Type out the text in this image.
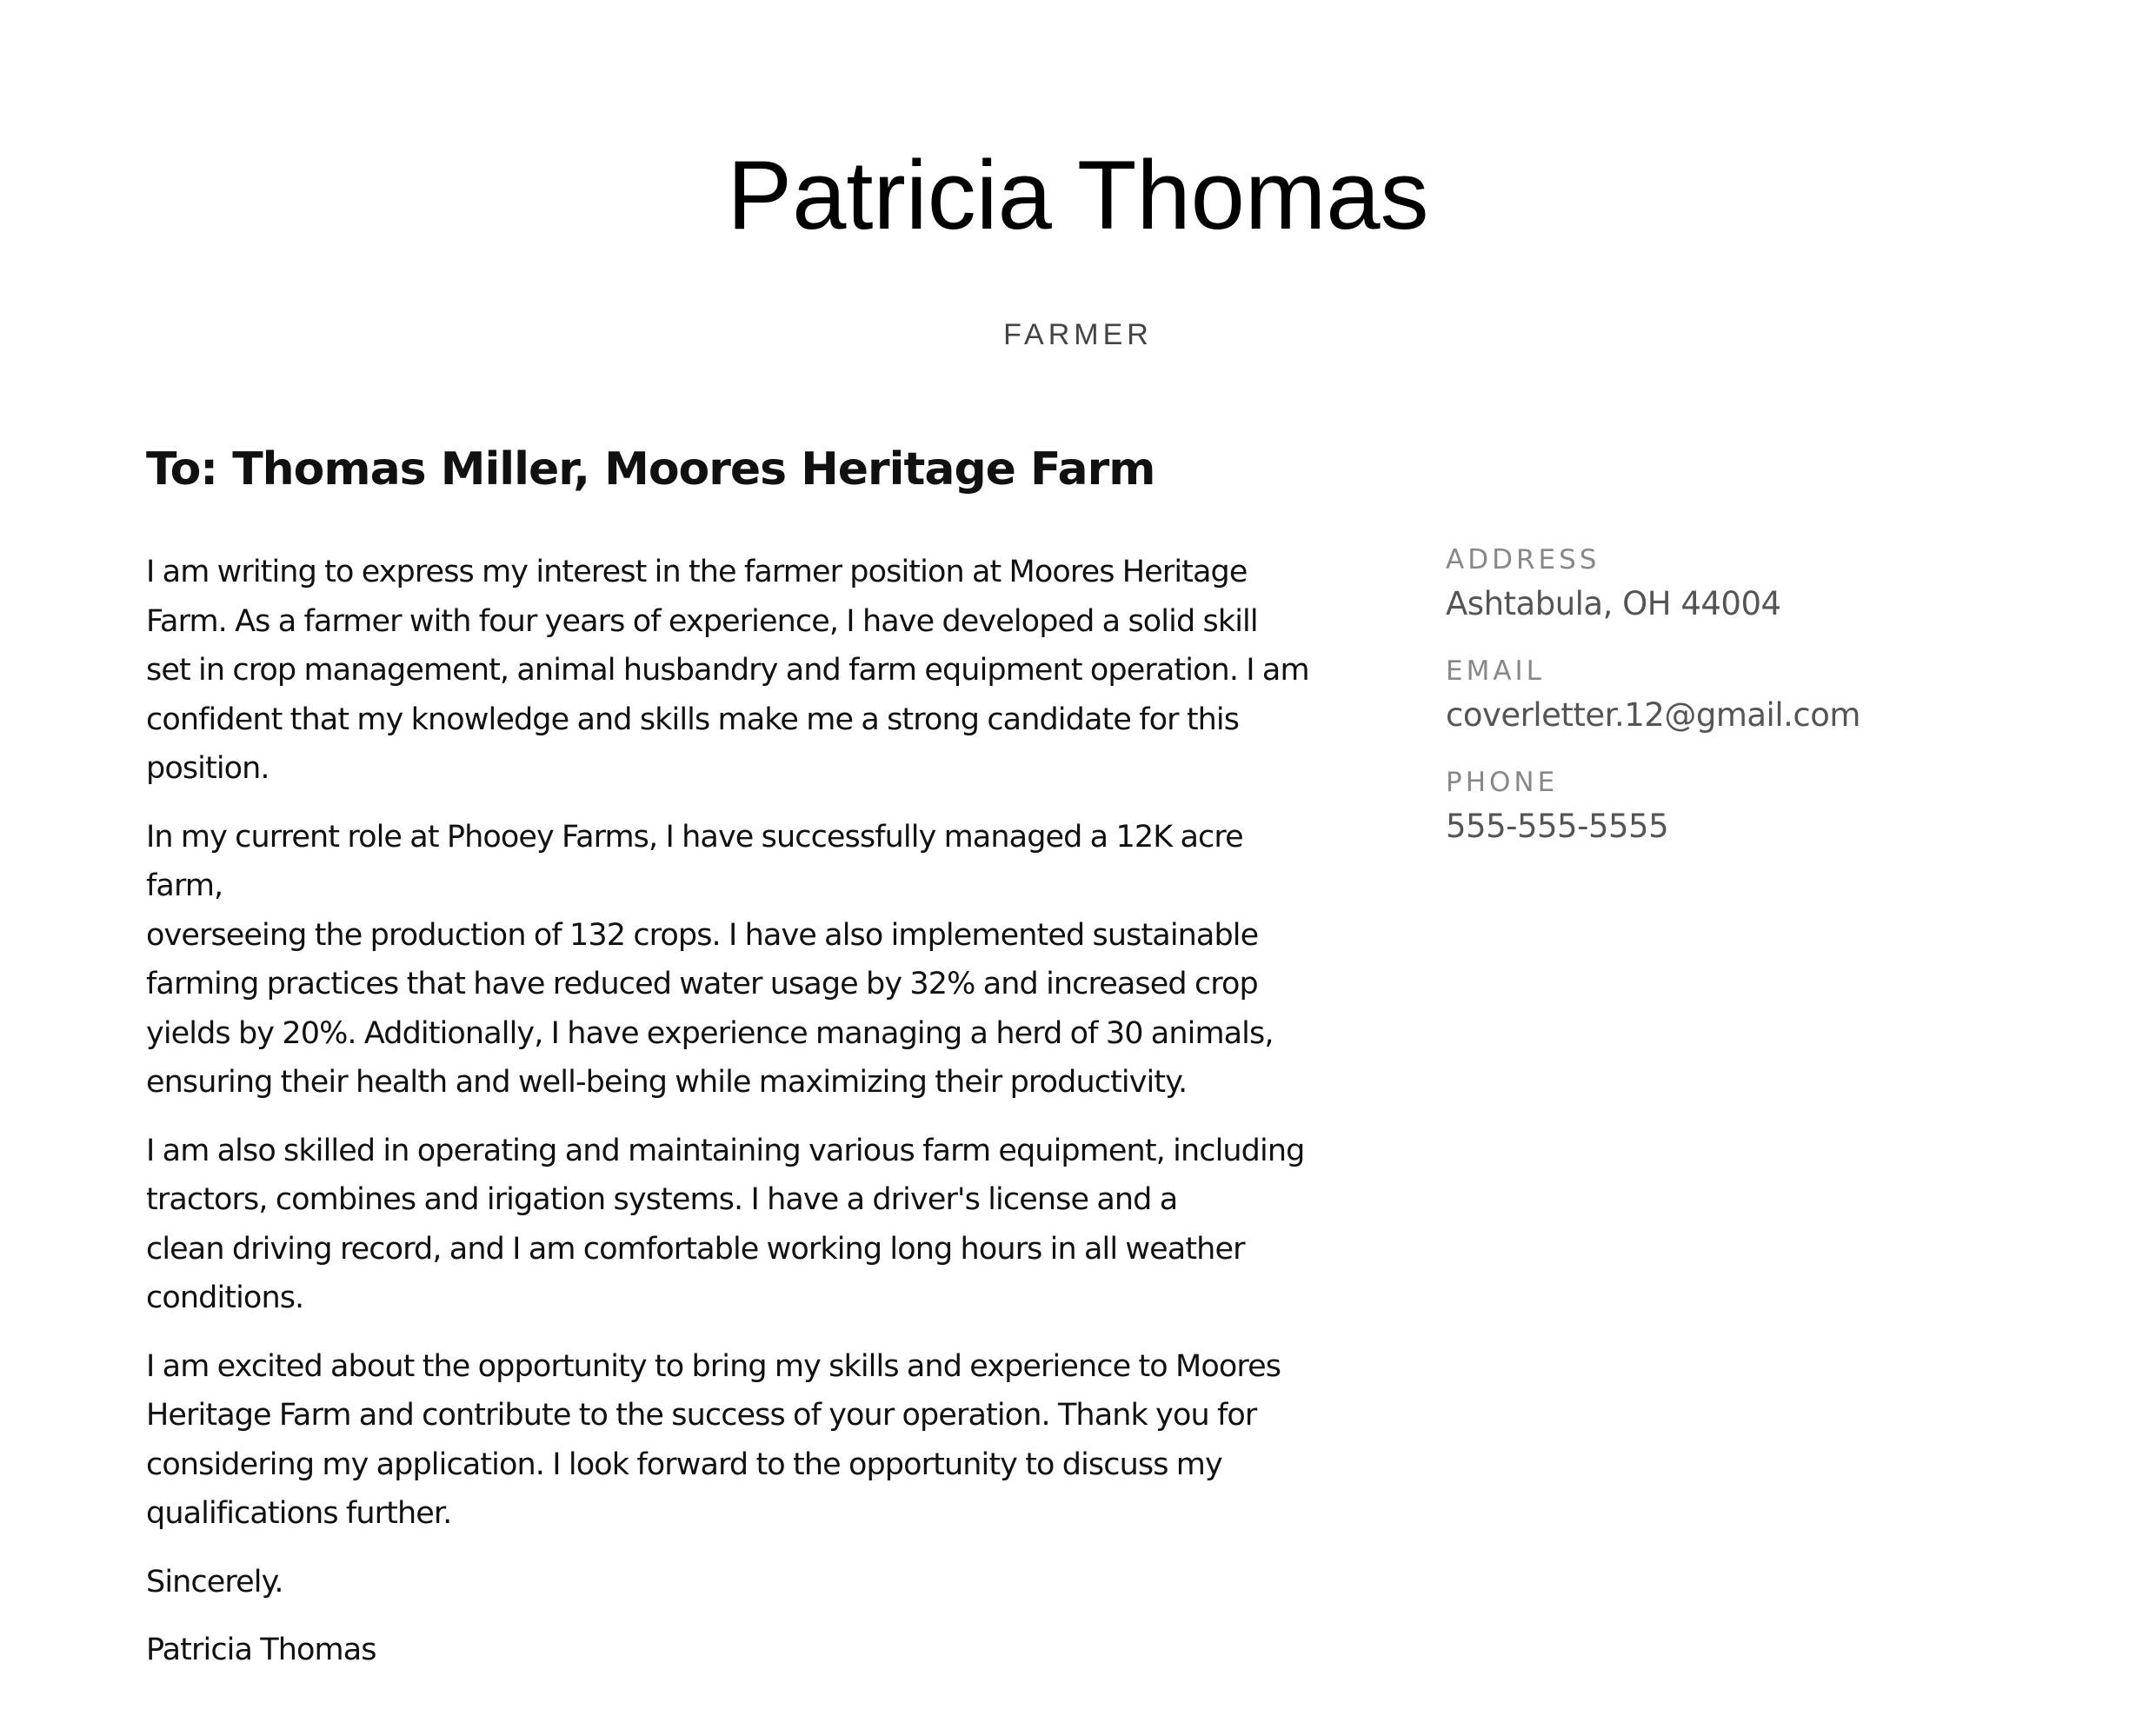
Patricia Thomas
FARMER
To: Thomas Miller, Moores Heritage Farm

I am writing to express my interest in the farmer position at Moores Heritage
Farm. As a farmer with four years of experience, I have developed a solid skill
set in crop management, animal husbandry and farm equipment operation. I am
confident that my knowledge and skills make me a strong candidate for this
position.

In my current role at Phooey Farms, I have successfully managed a 12K acre farm,
overseeing the production of 132 crops. I have also implemented sustainable
farming practices that have reduced water usage by 32% and increased crop
yields by 20%. Additionally, I have experience managing a herd of 30 animals,
ensuring their health and well-being while maximizing their productivity.

I am also skilled in operating and maintaining various farm equipment, including
tractors, combines and irigation systems. I have a driver's license and a
clean driving record, and I am comfortable working long hours in all weather
conditions.

I am excited about the opportunity to bring my skills and experience to Moores
Heritage Farm and contribute to the success of your operation. Thank you for
considering my application. I look forward to the opportunity to discuss my
qualifications further.

Sincerely.

Patricia Thomas

ADDRESS
Ashtabula, OH 44004
EMAIL
coverletter.12@gmail.com
PHONE
555-555-5555
